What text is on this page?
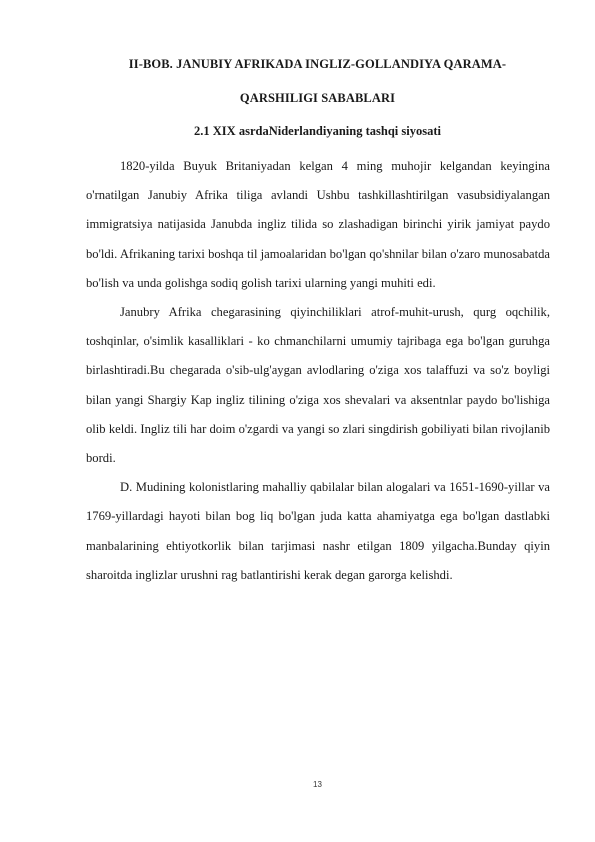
II-BOB. JANUBIY AFRIKADA INGLIZ-GOLLANDIYA QARAMA-
QARSHILIGI SABABLARI
2.1 XIX asrdaNiderlandiyaning tashqi siyosati

1820-yilda Buyuk Britaniyadan kelgan 4 ming muhojir kelgandan keyingina o'rnatilgan Janubiy Afrika tiliga avlandi Ushbu tashkillashtirilgan vasubsidiyalangan immigratsiya natijasida Janubda ingliz tilida so zlashadigan birinchi yirik jamiyat paydo bo'ldi. Afrikaning tarixi boshqa til jamoalaridan bo'lgan qo'shnilar bilan o'zaro munosabatda bo'lish va unda golishga sodiq golish tarixi ularning yangi muhiti edi.

Janubry Afrika chegarasining qiyinchiliklari atrof-muhit-urush, qurg oqchilik, toshqinlar, o'simlik kasalliklari - ko chmanchilarni umumiy tajribaga ega bo'lgan guruhga birlashtiradi.Bu chegarada o'sib-ulg'aygan avlodlaring o'ziga xos talaffuzi va so'z boyligi bilan yangi Shargiy Kap ingliz tilining o'ziga xos shevalari va aksentnlar paydo bo'lishiga olib keldi. Ingliz tili har doim o'zgardi va yangi so zlari singdirish gobiliyati bilan rivojlanib bordi.

D. Mudining kolonistlaring mahalliy qabilalar bilan alogalari va 1651-1690-yillar va 1769-yillardagi hayoti bilan bog liq bo'lgan juda katta ahamiyatga ega bo'lgan dastlabki manbalarining ehtiyotkorlik bilan tarjimasi nashr etilgan 1809 yilgacha.Bunday qiyin sharoitda inglizlar urushni rag batlantirishi kerak degan garorga kelishdi.

13
